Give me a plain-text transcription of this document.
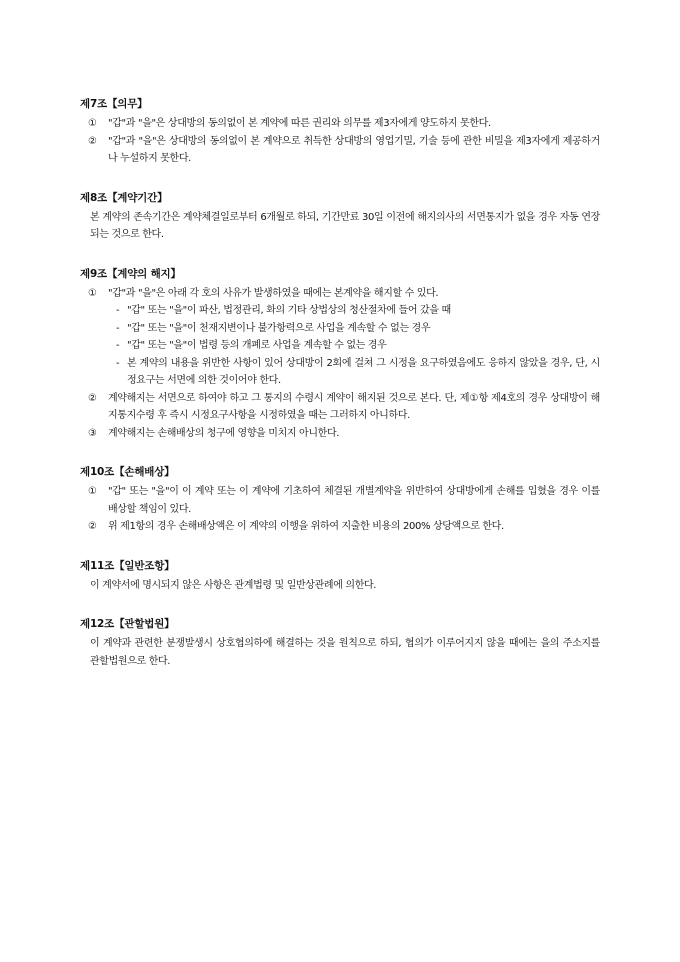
제7조【의무】
①	"갑"과 "을"은 상대방의 동의없이 본 계약에 따른 권리와 의무를 제3자에게 양도하지 못한다.
②	"갑"과 "을"은 상대방의 동의없이 본 계약으로 취득한 상대방의 영업기밀, 기술 등에 관한 비밀을 제3자에게 제공하거나 누설하지 못한다.
제8조【계약기간】
본 계약의 존속기간은 계약체결일로부터 6개월로 하되, 기간만료 30일 이전에 해지의사의 서면통지가 없을 경우 자동 연장되는 것으로 한다.
제9조【계약의 해지】
①	"갑"과 "을"은 아래 각 호의 사유가 발생하였을 때에는 본계약을 해지할 수 있다.
- "갑" 또는 "을"이 파산, 법정관리, 화의 기타 상법상의 청산절차에 들어 갔을 때
- "갑" 또는 "을"이 천재지변이나 불가항력으로 사업을 계속할 수 없는 경우
- "갑" 또는 "을"이 법령 등의 개폐로 사업을 계속할 수 없는 경우
- 본 계약의 내용을 위반한 사항이 있어 상대방이 2회에 걸쳐 그 시정을 요구하였음에도 응하지 않았을 경우, 단, 시정요구는 서면에 의한 것이어야 한다.
②	계약해지는 서면으로 하여야 하고 그 통지의 수령시 계약이 해지된 것으로 본다. 단, 제①항 제4호의 경우 상대방이 해지통지수령 후 즉시 시정요구사항을 시정하였을 때는 그러하지 아니하다.
③	계약해지는 손해배상의 청구에 영향을 미치지 아니한다.
제10조【손해배상】
①	"갑" 또는 "을"이 이 계약 또는 이 계약에 기초하여 체결된 개별계약을 위반하여 상대방에게 손해를 입혔을 경우 이를 배상할 책임이 있다.
②	위 제1항의 경우 손해배상액은 이 계약의 이행을 위하여 지출한 비용의 200% 상당액으로 한다.
제11조【일반조항】
이 계약서에 명시되지 않은 사항은 관계법령 및 일반상관례에 의한다.
제12조【관할법원】
이 계약과 관련한 분쟁발생시 상호협의하에 해결하는 것을 원칙으로 하되, 협의가 이루어지지 않을 때에는 을의 주소지를 관할법원으로 한다.
